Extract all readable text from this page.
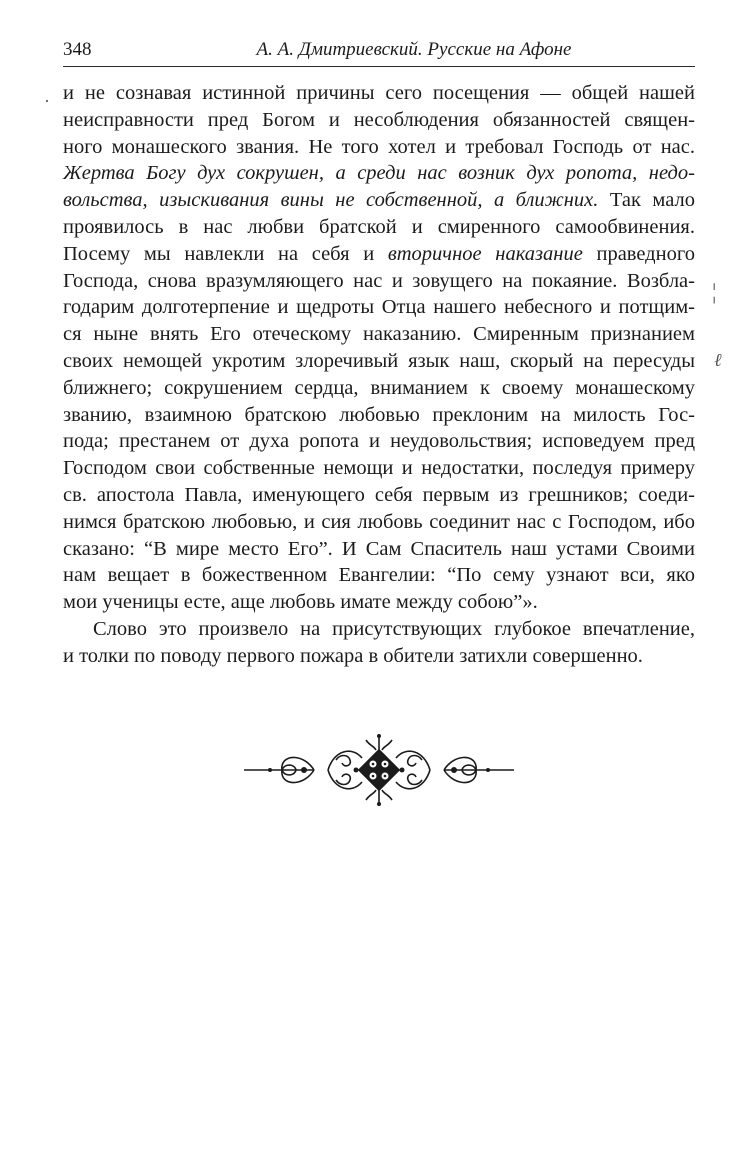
348	А. А. Дмитриевский. Русские на Афоне
·
¦
ℓ
и не сознавая истинной причины сего посещения — общей нашей
неисправности пред Богом и несоблюдения обязанностей священ-
ного монашеского звания. Не того хотел и требовал Господь от нас.
Жертва Богу дух сокрушен, а среди нас возник дух ропота, недо-
вольства, изыскивания вины не собственной, а ближних. Так мало
проявилось в нас любви братской и смиренного самообвинения.
Посему мы навлекли на себя и вторичное наказание праведного
Господа, снова вразумляющего нас и зовущего на покаяние. Возбла-
годарим долготерпение и щедроты Отца нашего небесного и потщим-
ся ныне внять Его отеческому наказанию. Смиренным признанием
своих немощей укротим злоречивый язык наш, скорый на пересуды
ближнего; сокрушением сердца, вниманием к своему монашескому
званию, взаимною братскою любовью преклоним на милость Гос-
пода; престанем от духа ропота и неудовольствия; исповедуем пред
Господом свои собственные немощи и недостатки, последуя примеру
св. апостола Павла, именующего себя первым из грешников; соеди-
нимся братскою любовью, и сия любовь соединит нас с Господом, ибо
сказано: “В мире место Его”. И Сам Спаситель наш устами Своими
нам вещает в божественном Евангелии: “По сему узнают вси, яко
мои ученицы есте, аще любовь имате между собою”».
Слово это произвело на присутствующих глубокое впечатление,
и толки по поводу первого пожара в обители затихли совершенно.
